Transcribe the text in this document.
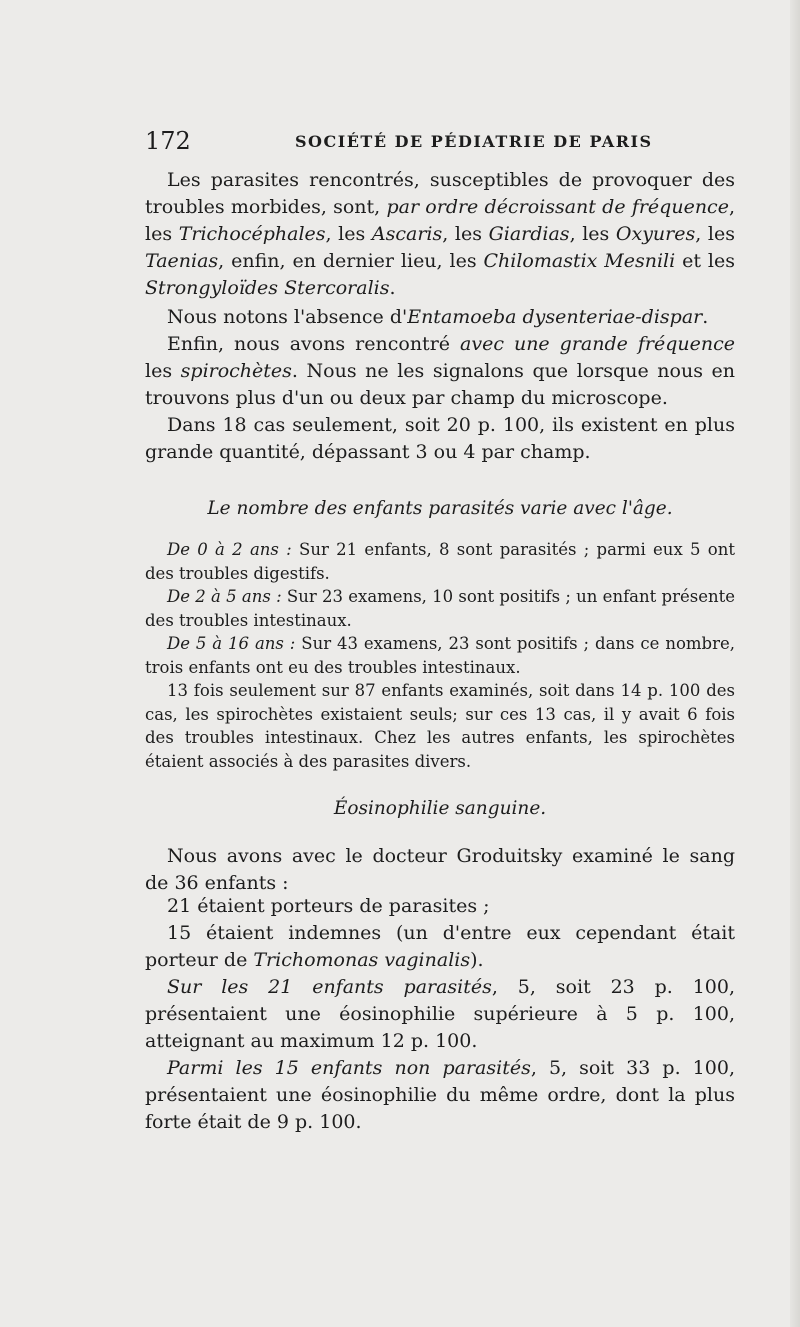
172	SOCIÉTÉ DE PÉDIATRIE DE PARIS

Les parasites rencontrés, susceptibles de provoquer des troubles morbides, sont, par ordre décroissant de fréquence, les Trichocéphales, les Ascaris, les Giardias, les Oxyures, les Taenias, enfin, en dernier lieu, les Chilomastix Mesnili et les Strongyloïdes Stercoralis.

Nous notons l'absence d'Entamoeba dysenteriae-dispar.

Enfin, nous avons rencontré avec une grande fréquence les spirochètes. Nous ne les signalons que lorsque nous en trouvons plus d'un ou deux par champ du microscope.

Dans 18 cas seulement, soit 20 p. 100, ils existent en plus grande quantité, dépassant 3 ou 4 par champ.

Le nombre des enfants parasités varie avec l'âge.

De 0 à 2 ans : Sur 21 enfants, 8 sont parasités ; parmi eux 5 ont des troubles digestifs.

De 2 à 5 ans : Sur 23 examens, 10 sont positifs ; un enfant présente des troubles intestinaux.

De 5 à 16 ans : Sur 43 examens, 23 sont positifs ; dans ce nombre, trois enfants ont eu des troubles intestinaux.

13 fois seulement sur 87 enfants examinés, soit dans 14 p. 100 des cas, les spirochètes existaient seuls; sur ces 13 cas, il y avait 6 fois des troubles intestinaux. Chez les autres enfants, les spirochètes étaient associés à des parasites divers.

Éosinophilie sanguine.

Nous avons avec le docteur Groduitsky examiné le sang de 36 enfants :

21 étaient porteurs de parasites ;

15 étaient indemnes (un d'entre eux cependant était porteur de Trichomonas vaginalis).

Sur les 21 enfants parasités, 5, soit 23 p. 100, présentaient une éosinophilie supérieure à 5 p. 100, atteignant au maximum 12 p. 100.

Parmi les 15 enfants non parasités, 5, soit 33 p. 100, présentaient une éosinophilie du même ordre, dont la plus forte était de 9 p. 100.
